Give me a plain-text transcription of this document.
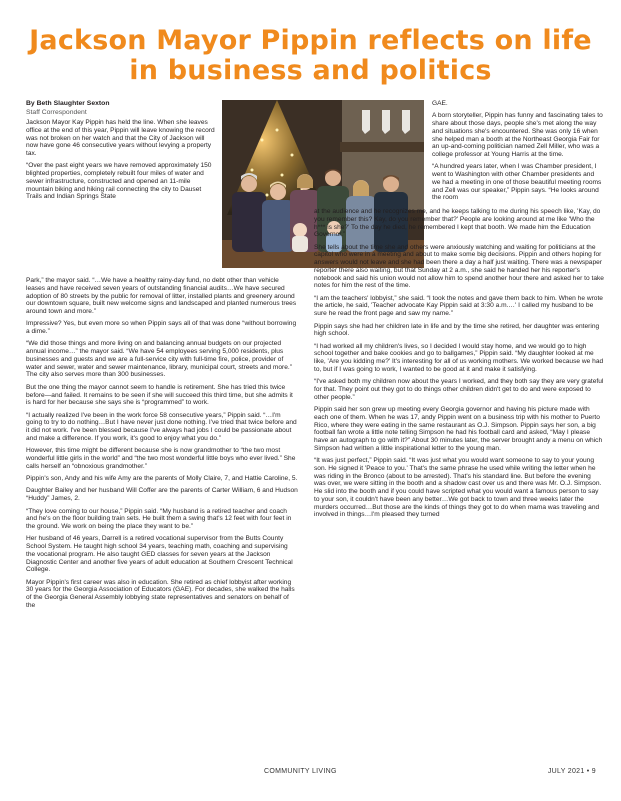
Jackson Mayor Pippin reflects on life in business and politics
By Beth Slaughter Sexton
Staff Correspondent

Jackson Mayor Kay Pippin has held the line. When she leaves office at the end of this year, Pippin will leave knowing the record was not broken on her watch and that the City of Jackson will now have gone 46 consecutive years without levying a property tax.

“Over the past eight years we have removed approximately 150 blighted properties, completely rebuilt four miles of water and sewer infrastructure, constructed and opened an 11-mile mountain biking and hiking rail connecting the city to Dauset Trails and Indian Springs State

Park,” the mayor said. “…We have a healthy rainy-day fund, no debt other than vehicle leases and have received seven years of outstanding financial audits…We have secured adoption of 80 streets by the public for removal of litter, installed plants and greenery around our downtown square, built new welcome signs and landscaped and planted numerous trees around town and more.”

Impressive? Yes, but even more so when Pippin says all of that was done “without borrowing a dime.”

“We did those things and more living on and balancing annual budgets on our projected annual income…” the mayor said. “We have 54 employees serving 5,000 residents, plus businesses and guests and we are a full-service city with full-time fire, police, provider of water and sewer, water and sewer maintenance, library, municipal court, streets and more.” The city also serves more than 300 businesses.

But the one thing the mayor cannot seem to handle is retirement. She has tried this twice before—and failed. It remains to be seen if she will succeed this third time, but she admits it is hard for her because she says she is “programmed” to work.

“I actually realized I've been in the work force 58 consecutive years,” Pippin said. “…I'm going to try to do nothing…But I have never just done nothing. I've tried that twice before and it did not work. I've been blessed because I've always had jobs I could be passionate about and make a difference. If you work, it's good to enjoy what you do.”

However, this time might be different because she is now grandmother to “the two most wonderful little girls in the world” and “the two most wonderful little boys who ever lived.” She calls herself an “obnoxious grandmother.”

Pippin's son, Andy and his wife Amy are the parents of Molly Claire, 7, and Hattie Caroline, 5.

Daughter Bailey and her husband Will Coffer are the parents of Carter William, 6 and Hudson “Huddy” James, 2.

“They love coming to our house,” Pippin said. “My husband is a retired teacher and coach and he's on the floor building train sets. He built them a swing that's 12 feet with four feet in the ground. We work on being the place they want to be.”

Her husband of 46 years, Darrell is a retired vocational supervisor from the Butts County School System. He taught high school 34 years, teaching math, coaching and supervising the vocational program. He also taught GED classes for seven years at the Jackson Diagnostic Center and another five years of adult education at Southern Crescent Technical College.

Mayor Pippin's first career was also in education. She retired as chief lobbyist after working 30 years for the Georgia Association of Educators (GAE). For decades, she walked the halls of the Georgia General Assembly lobbying state representatives and senators on behalf of the

GAE.

A born storyteller, Pippin has funny and fascinating tales to share about those days, people she's met along the way and situations she's encountered. She was only 16 when she helped man a booth at the Northeast Georgia Fair for an up-and-coming politician named Zell Miller, who was a college professor at Young Harris at the time.

“A hundred years later, when I was Chamber president, I went to Washington with other Chamber presidents and we had a meeting in one of those beautiful meeting rooms and Zell was our speaker,” Pippin says. “He looks around the room

at the audience and he recognizes me, and he keeps talking to me during his speech like, 'Kay, do you remember this? Kay, do you remember that?' People are looking around at me like 'Who the h*** is she?' To the day he died, he remembered I kept that booth. We made him the Education Governor.”

She tells about the time she and others were anxiously watching and waiting for politicians at the capitol who were in a meeting and about to make some big decisions. Pippin and others hoping for answers would not leave and she had been there a day a half just waiting. There was a newspaper reporter there also waiting, but that Sunday at 2 a.m., she said he handed her his reporter's notebook and said his union would not allow him to spend another hour there and asked her to take notes for him the rest of the time.

“I am the teachers' lobbyist,” she said. “I took the notes and gave them back to him. When he wrote the article, he said, 'Teacher advocate Kay Pippin said at 3:30 a.m.…' I called my husband to be sure he read the front page and saw my name.”

Pippin says she had her children late in life and by the time she retired, her daughter was entering high school.

“I had worked all my children's lives, so I decided I would stay home, and we would go to high school together and bake cookies and go to ballgames,” Pippin said. “My daughter looked at me like, 'Are you kidding me?' It's interesting for all of us working mothers. We worked because we had to, but if I was going to work, I wanted to be good at it and make it satisfying.

“I've asked both my children now about the years I worked, and they both say they are very grateful for that. They point out they got to do things other children didn't get to do and were exposed to other people.”

Pippin said her son grew up meeting every Georgia governor and having his picture made with each one of them. When he was 17, andy Pippin went on a business trip with his mother to Puerto Rico, where they were eating in the same restaurant as O.J. Simpson. Pippin says her son, a big football fan wrote a little note telling Simpson he had his football card and asked, “May I please have an autograph to go with it?” About 30 minutes later, the server brought andy a menu on which Simpson had written a little inspirational letter to the young man.

“It was just perfect,” Pippin said. “It was just what you would want someone to say to your young son. He signed it 'Peace to you.' That's the same phrase he used while writing the letter when he was riding in the Bronco (about to be arrested). That's his standard line. But before the evening was over, we were sitting in the booth and a shadow cast over us and there was Mr. O.J. Simpson. He slid into the booth and if you could have scripted what you would want a famous person to say to your son, it couldn't have been any better…We got back to town and three weeks later the murders occurred…But those are the kinds of things they got to do when mama was traveling and involved in things…I'm pleased they turned

COMMUNITY LIVING	JULY 2021 • 9
